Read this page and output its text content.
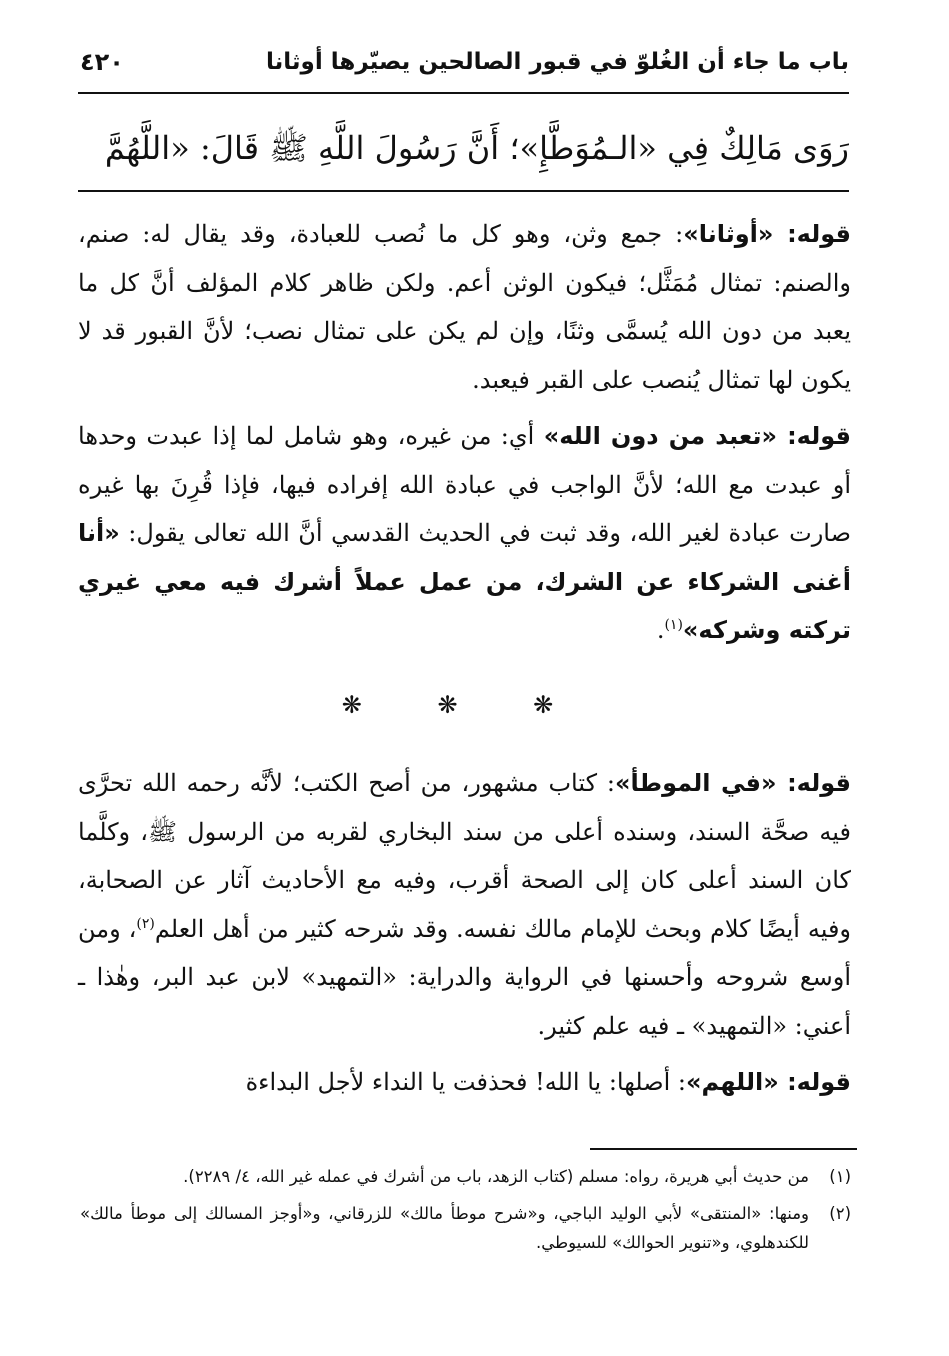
باب ما جاء أن الغُلوّ في قبور الصالحين يصيّرها أوثانا
٤٢٠
رَوَى مَالِكٌ فِي «الـمُوَطَّإِ»؛ أَنَّ رَسُولَ اللَّهِ ﷺ قَالَ: «اللَّهُمَّ

قوله: «أوثانا»: جمع وثن، وهو كل ما نُصب للعبادة، وقد يقال له: صنم، والصنم: تمثال مُمَثَّل؛ فيكون الوثن أعم. ولكن ظاهر كلام المؤلف أنَّ كل ما يعبد من دون الله يُسمَّى وثنًا، وإن لم يكن على تمثال نصب؛ لأنَّ القبور قد لا يكون لها تمثال يُنصب على القبر فيعبد.

قوله: «تعبد من دون الله» أي: من غيره، وهو شامل لما إذا عبدت وحدها أو عبدت مع الله؛ لأنَّ الواجب في عبادة الله إفراده فيها، فإذا قُرِنَ بها غيره صارت عبادة لغير الله، وقد ثبت في الحديث القدسي أنَّ الله تعالى يقول: «أنا أغنى الشركاء عن الشرك، من عمل عملاً أشرك فيه معي غيري تركته وشركه»$^{(١)}$.

❋ ❋ ❋

قوله: «في الموطأ»: كتاب مشهور، من أصح الكتب؛ لأنَّه رحمه الله تحرَّى فيه صحَّة السند، وسنده أعلى من سند البخاري لقربه من الرسول ﷺ، وكلَّما كان السند أعلى كان إلى الصحة أقرب، وفيه مع الأحاديث آثار عن الصحابة، وفيه أيضًا كلام وبحث للإمام مالك نفسه. وقد شرحه كثير من أهل العلم$^{(٢)}$، ومن أوسع شروحه وأحسنها في الرواية والدراية: «التمهيد» لابن عبد البر، وهٰذا ـ أعني: «التمهيد» ـ فيه علم كثير.

قوله: «اللهم»: أصلها: يا الله! فحذفت يا النداء لأجل البداءة

(١)
من حديث أبي هريرة، رواه: مسلم (كتاب الزهد، باب من أشرك في عمله غير الله، ٤/ ٢٢٨٩).
(٢)
ومنها: «المنتقى» لأبي الوليد الباجي، و«شرح موطأ مالك» للزرقاني، و«أوجز المسالك إلى موطأ مالك» للكندهلوي، و«تنوير الحوالك» للسيوطي.
